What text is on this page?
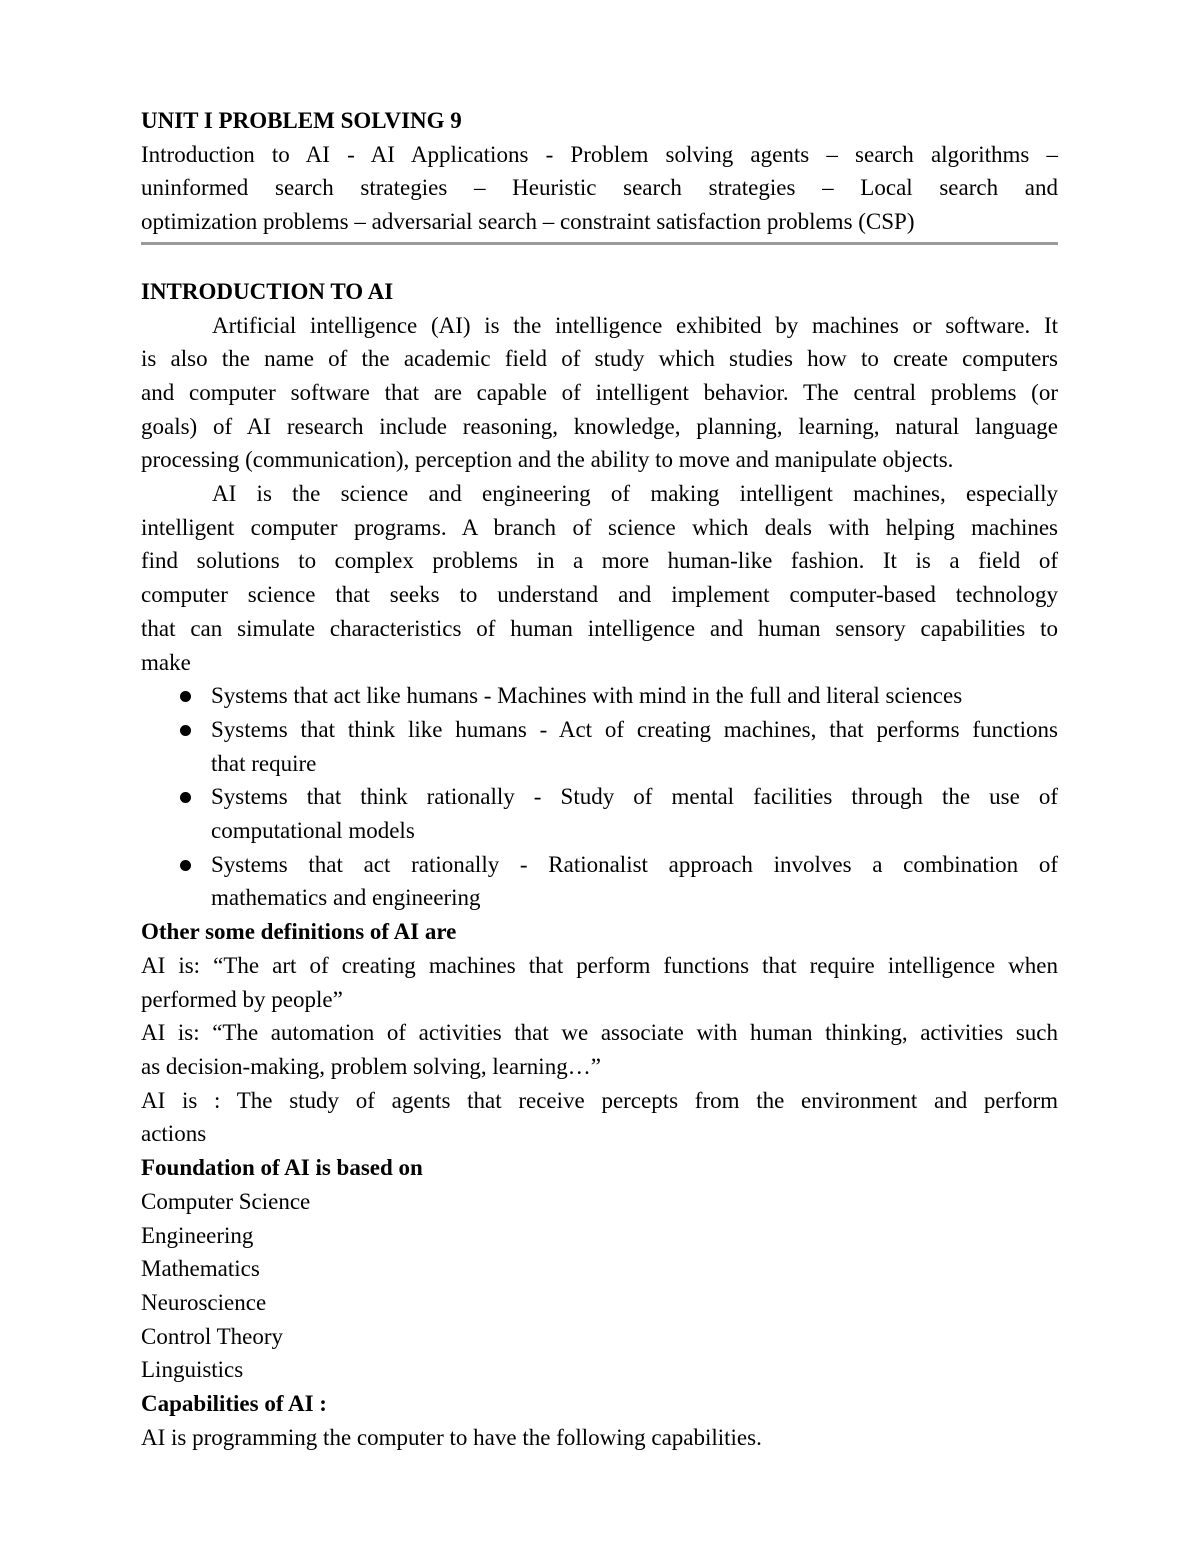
UNIT I PROBLEM SOLVING 9
Introduction to AI - AI Applications - Problem solving agents – search algorithms –
uninformed search strategies – Heuristic search strategies – Local search and
optimization problems – adversarial search – constraint satisfaction problems (CSP)
INTRODUCTION TO AI
Artificial intelligence (AI) is the intelligence exhibited by machines or software. It
is also the name of the academic field of study which studies how to create computers
and computer software that are capable of intelligent behavior. The central problems (or
goals) of AI research include reasoning, knowledge, planning, learning, natural language
processing (communication), perception and the ability to move and manipulate objects.
AI is the science and engineering of making intelligent machines, especially
intelligent computer programs. A branch of science which deals with helping machines
find solutions to complex problems in a more human-like fashion. It is a field of
computer science that seeks to understand and implement computer-based technology
that can simulate characteristics of human intelligence and human sensory capabilities to
make
Systems that act like humans - Machines with mind in the full and literal sciences
Systems that think like humans - Act of creating machines, that performs functions
that require
Systems that think rationally - Study of mental facilities through the use of
computational models
Systems that act rationally - Rationalist approach involves a combination of
mathematics and engineering
Other some definitions of AI are
AI is: “The art of creating machines that perform functions that require intelligence when
performed by people”
AI is: “The automation of activities that we associate with human thinking, activities such
as decision-making, problem solving, learning…”
AI is : The study of agents that receive percepts from the environment and perform
actions
Foundation of AI is based on
Computer Science
Engineering
Mathematics
Neuroscience
Control Theory
Linguistics
Capabilities of AI :
AI is programming the computer to have the following capabilities.
